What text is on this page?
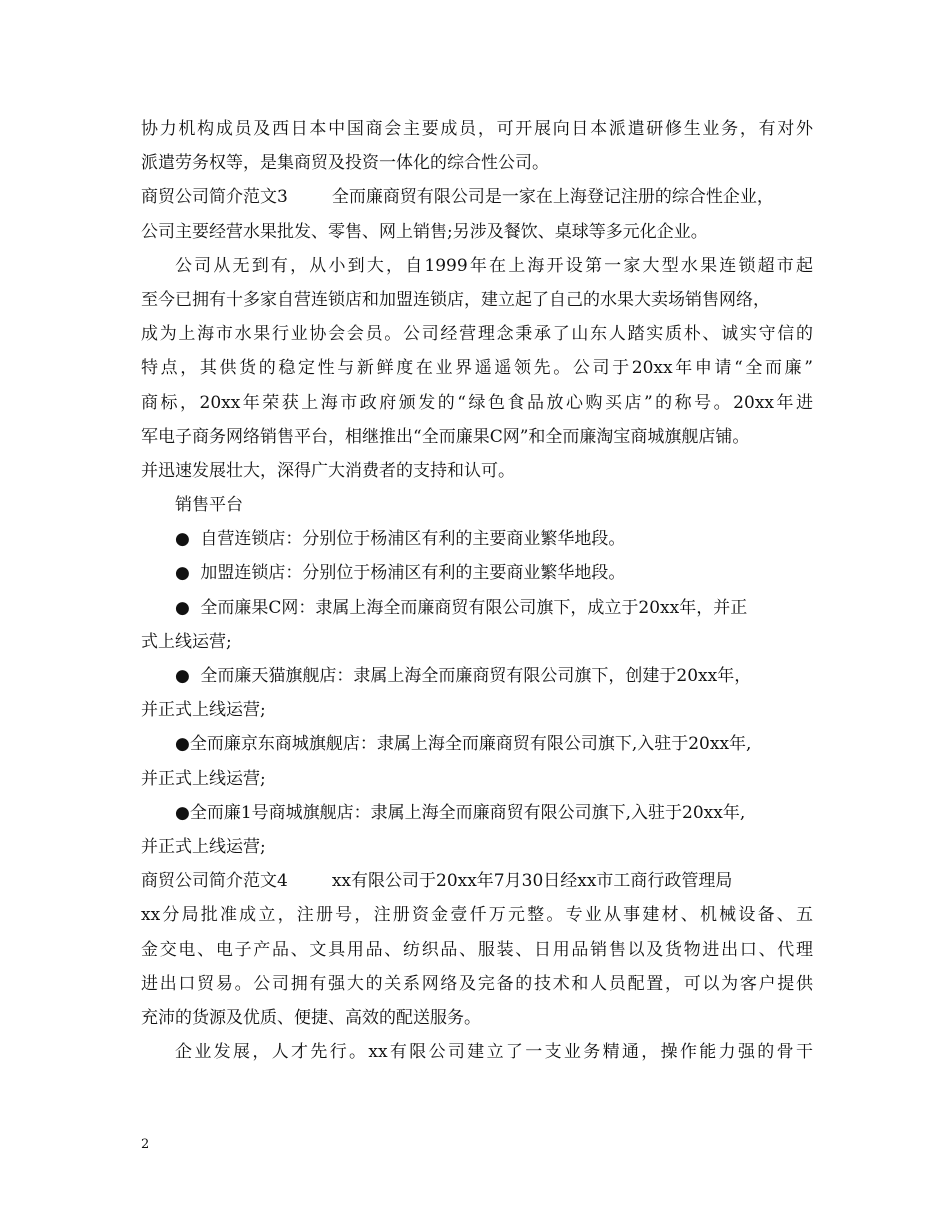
协力机构成员及西日本中国商会主要成员，可开展向日本派遣研修生业务，有对外
派遣劳务权等，是集商贸及投资一体化的综合性公司。
商贸公司简介范文3	全而廉商贸有限公司是一家在上海登记注册的综合性企业，
公司主要经营水果批发、零售、网上销售;另涉及餐饮、桌球等多元化企业。
公司从无到有，从小到大，自1999年在上海开设第一家大型水果连锁超市起
至今已拥有十多家自营连锁店和加盟连锁店，建立起了自己的水果大卖场销售网络，
成为上海市水果行业协会会员。公司经营理念秉承了山东人踏实质朴、诚实守信的
特点，其供货的稳定性与新鲜度在业界遥遥领先。公司于20xx年申请“全而廉”
商标，20xx年荣获上海市政府颁发的“绿色食品放心购买店”的称号。20xx年进
军电子商务网络销售平台，相继推出“全而廉果C网”和全而廉淘宝商城旗舰店铺。
并迅速发展壮大，深得广大消费者的支持和认可。
销售平台
● 自营连锁店：分别位于杨浦区有利的主要商业繁华地段。
● 加盟连锁店：分别位于杨浦区有利的主要商业繁华地段。
● 全而廉果C网：隶属上海全而廉商贸有限公司旗下，成立于20xx年，并正
式上线运营;
● 全而廉天猫旗舰店：隶属上海全而廉商贸有限公司旗下，创建于20xx年，
并正式上线运营;
●全而廉京东商城旗舰店：隶属上海全而廉商贸有限公司旗下,入驻于20xx年,
并正式上线运营;
●全而廉1号商城旗舰店：隶属上海全而廉商贸有限公司旗下,入驻于20xx年,
并正式上线运营;
商贸公司简介范文4	xx有限公司于20xx年7月30日经xx市工商行政管理局
xx分局批准成立，注册号，注册资金壹仟万元整。专业从事建材、机械设备、五
金交电、电子产品、文具用品、纺织品、服装、日用品销售以及货物进出口、代理
进出口贸易。公司拥有强大的关系网络及完备的技术和人员配置，可以为客户提供
充沛的货源及优质、便捷、高效的配送服务。
企业发展，人才先行。xx有限公司建立了一支业务精通，操作能力强的骨干
2
